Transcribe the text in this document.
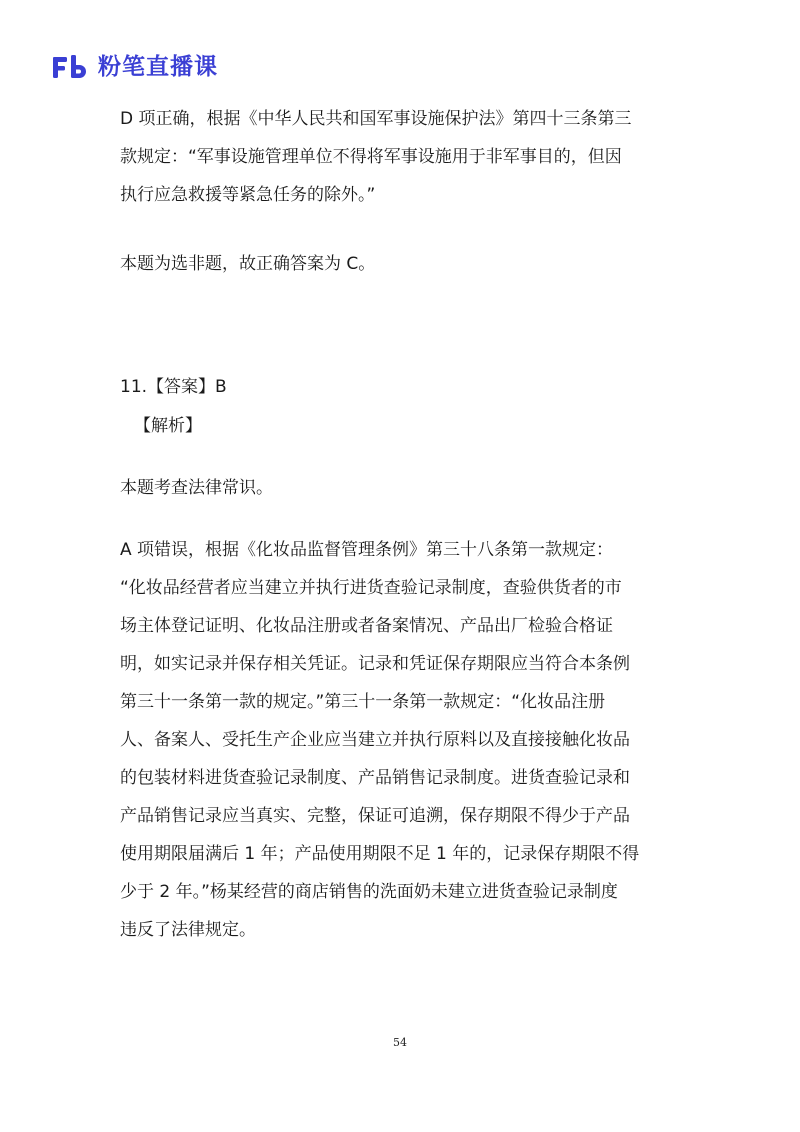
粉笔直播课

D 项正确，根据《中华人民共和国军事设施保护法》第四十三条第三
款规定：“军事设施管理单位不得将军事设施用于非军事目的，但因
执行应急救援等紧急任务的除外。”

本题为选非题，故正确答案为 C。

11.【答案】B

【解析】

本题考查法律常识。

A 项错误，根据《化妆品监督管理条例》第三十八条第一款规定：
“化妆品经营者应当建立并执行进货查验记录制度，查验供货者的市
场主体登记证明、化妆品注册或者备案情况、产品出厂检验合格证
明，如实记录并保存相关凭证。记录和凭证保存期限应当符合本条例
第三十一条第一款的规定。”第三十一条第一款规定：“化妆品注册
人、备案人、受托生产企业应当建立并执行原料以及直接接触化妆品
的包装材料进货查验记录制度、产品销售记录制度。进货查验记录和
产品销售记录应当真实、完整，保证可追溯，保存期限不得少于产品
使用期限届满后 1 年；产品使用期限不足 1 年的，记录保存期限不得
少于 2 年。”杨某经营的商店销售的洗面奶未建立进货查验记录制度
违反了法律规定。

54
